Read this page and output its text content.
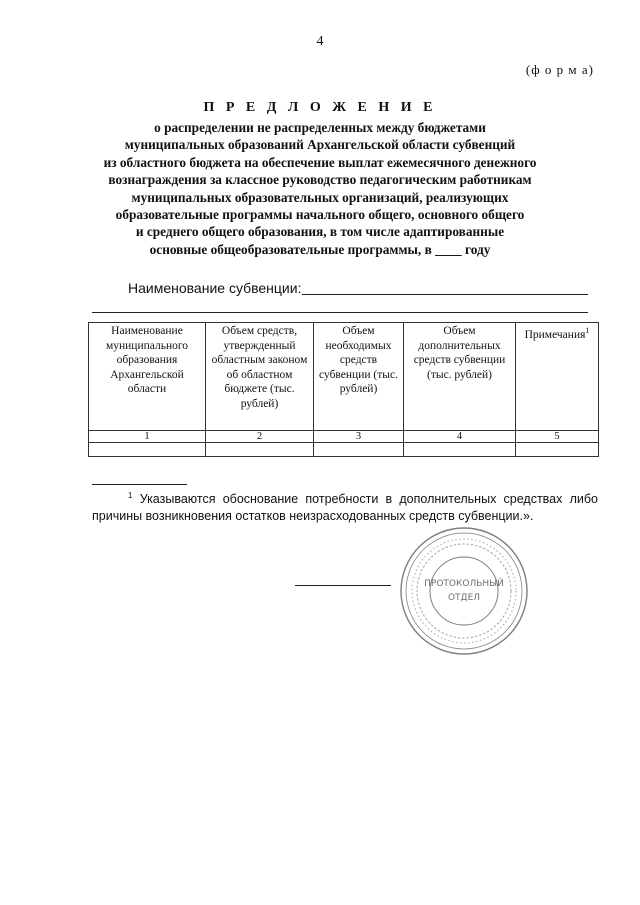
4
(ф о р м а)
П Р Е Д Л О Ж Е Н И Е
о распределении не распределенных между бюджетами
муниципальных образований Архангельской области субвенций
из областного бюджета на обеспечение выплат ежемесячного денежного
вознаграждения за классное руководство педагогическим работникам
муниципальных образовательных организаций, реализующих
образовательные программы начального общего, основного общего
и среднего общего образования, в том числе адаптированные
основные общеобразовательные программы, в ____ году
Наименование субвенции:
Наименование муниципального образования Архангельской области	Объем средств, утвержденный областным законом об областном бюджете (тыс. рублей)	Объем необходимых средств субвенции (тыс. рублей)	Объем дополнительных средств субвенции (тыс. рублей)	Примечания$^1$
1	2	3	4	5

$^1$ Указываются обоснование потребности в дополнительных средствах либо
причины возникновения остатков неизрасходованных средств субвенции.».
ПРОТОКОЛЬНЫЙ
ОТДЕЛ
